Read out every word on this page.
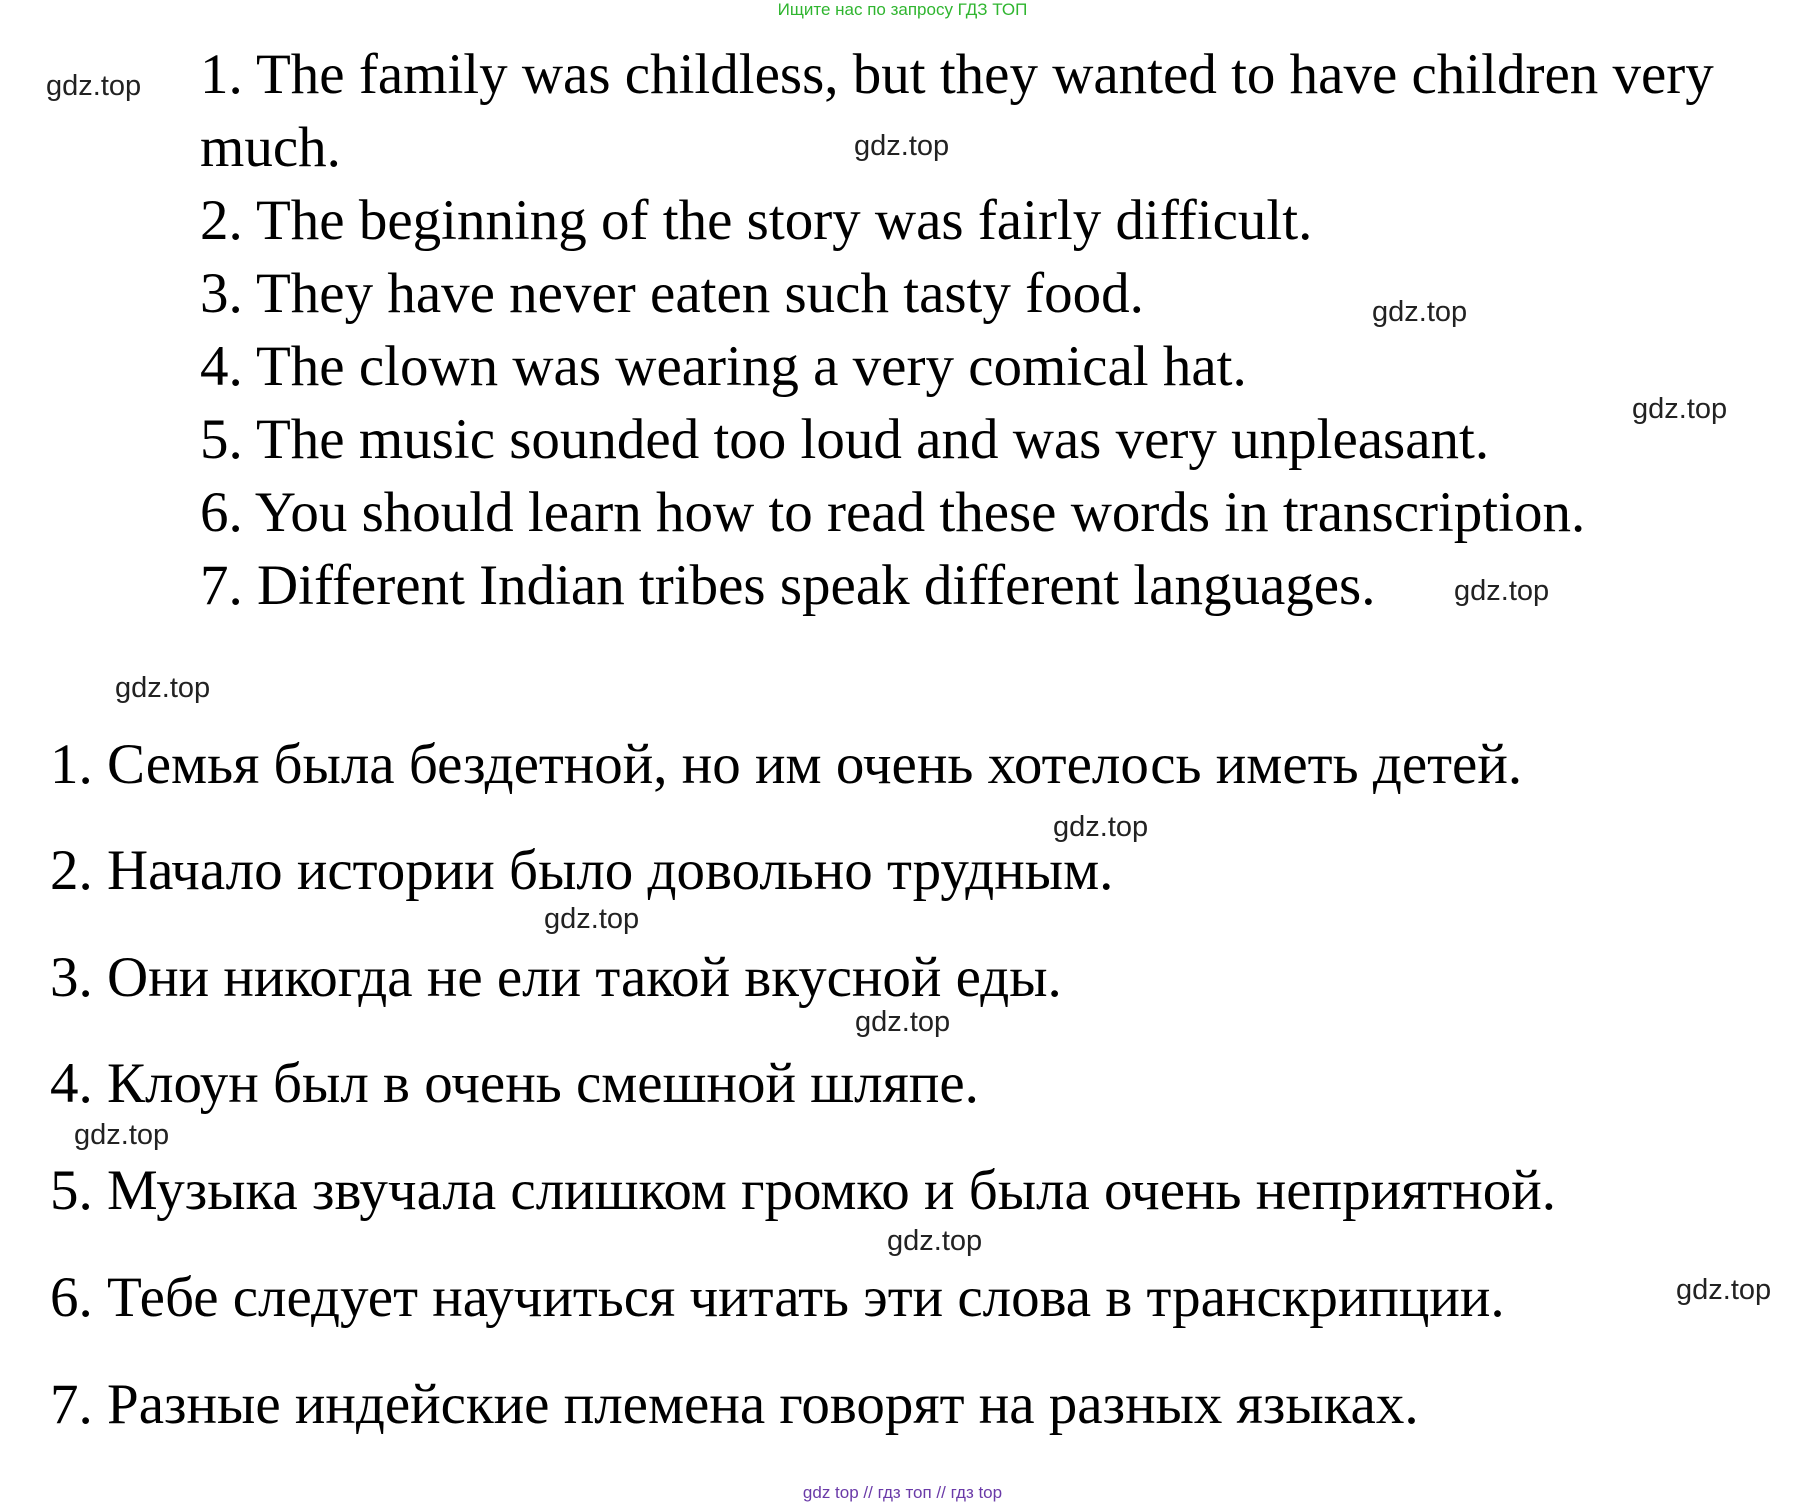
Ищите нас по запросу ГДЗ ТОП
1. The family was childless, but they wanted to have children very
much.
2. The beginning of the story was fairly difficult.
3. They have never eaten such tasty food.
4. The clown was wearing a very comical hat.
5. The music sounded too loud and was very unpleasant.
6. You should learn how to read these words in transcription.
7. Different Indian tribes speak different languages.
1. Семья была бездетной, но им очень хотелось иметь детей.
2. Начало истории было довольно трудным.
3. Они никогда не ели такой вкусной еды.
4. Клоун был в очень смешной шляпе.
5. Музыка звучала слишком громко и была очень неприятной.
6. Тебе следует научиться читать эти слова в транскрипции.
7. Разные индейские племена говорят на разных языках.
gdz.top
gdz.top
gdz.top
gdz.top
gdz.top
gdz.top
gdz.top
gdz.top
gdz.top
gdz.top
gdz.top
gdz.top
gdz top // гдз топ // гдз top
